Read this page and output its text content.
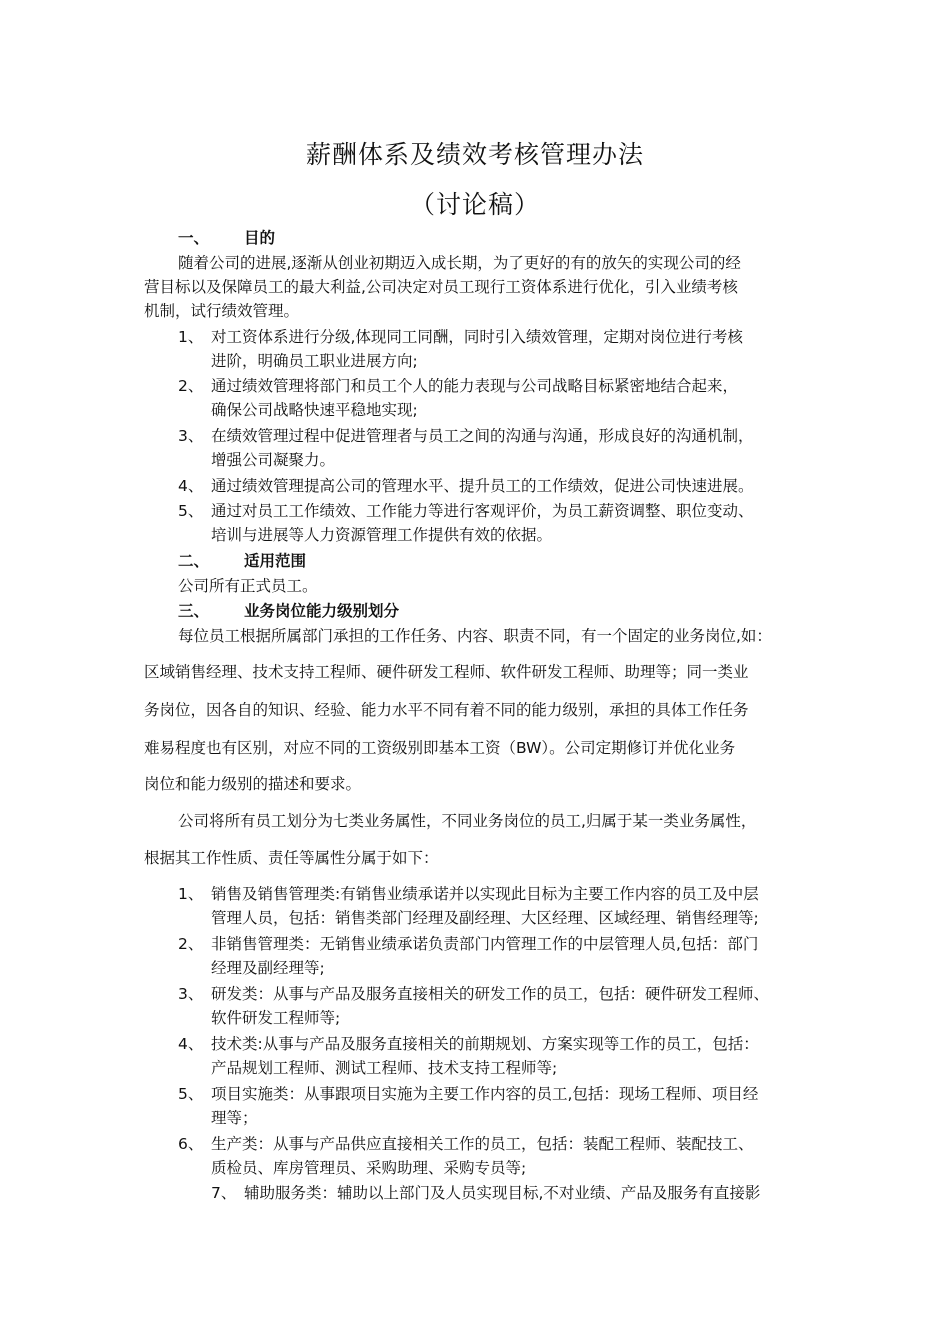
薪酬体系及绩效考核管理办法
（讨论稿）
一、 目的
随着公司的进展,逐渐从创业初期迈入成长期，为了更好的有的放矢的实现公司的经
营目标以及保障员工的最大利益,公司决定对员工现行工资体系进行优化，引入业绩考核
机制，试行绩效管理。
1、 对工资体系进行分级,体现同工同酬，同时引入绩效管理，定期对岗位进行考核
进阶，明确员工职业进展方向;
2、 通过绩效管理将部门和员工个人的能力表现与公司战略目标紧密地结合起来，
确保公司战略快速平稳地实现;
3、 在绩效管理过程中促进管理者与员工之间的沟通与沟通，形成良好的沟通机制，
增强公司凝聚力。
4、 通过绩效管理提高公司的管理水平、提升员工的工作绩效，促进公司快速进展。
5、 通过对员工工作绩效、工作能力等进行客观评价，为员工薪资调整、职位变动、
培训与进展等人力资源管理工作提供有效的依据。
二、 适用范围
公司所有正式员工。
三、 业务岗位能力级别划分
每位员工根据所属部门承担的工作任务、内容、职责不同，有一个固定的业务岗位,如：
区域销售经理、技术支持工程师、硬件研发工程师、软件研发工程师、助理等；同一类业
务岗位，因各自的知识、经验、能力水平不同有着不同的能力级别，承担的具体工作任务
难易程度也有区别，对应不同的工资级别即基本工资（BW）。公司定期修订并优化业务
岗位和能力级别的描述和要求。
公司将所有员工划分为七类业务属性，不同业务岗位的员工,归属于某一类业务属性，
根据其工作性质、责任等属性分属于如下：
1、 销售及销售管理类:有销售业绩承诺并以实现此目标为主要工作内容的员工及中层
管理人员，包括：销售类部门经理及副经理、大区经理、区域经理、销售经理等;
2、 非销售管理类：无销售业绩承诺负责部门内管理工作的中层管理人员,包括：部门
经理及副经理等;
3、 研发类：从事与产品及服务直接相关的研发工作的员工，包括：硬件研发工程师、
软件研发工程师等;
4、 技术类:从事与产品及服务直接相关的前期规划、方案实现等工作的员工，包括：
产品规划工程师、测试工程师、技术支持工程师等;
5、 项目实施类：从事跟项目实施为主要工作内容的员工,包括：现场工程师、项目经
理等；
6、 生产类：从事与产品供应直接相关工作的员工，包括：装配工程师、装配技工、
质检员、库房管理员、采购助理、采购专员等;
7、 辅助服务类：辅助以上部门及人员实现目标,不对业绩、产品及服务有直接影
